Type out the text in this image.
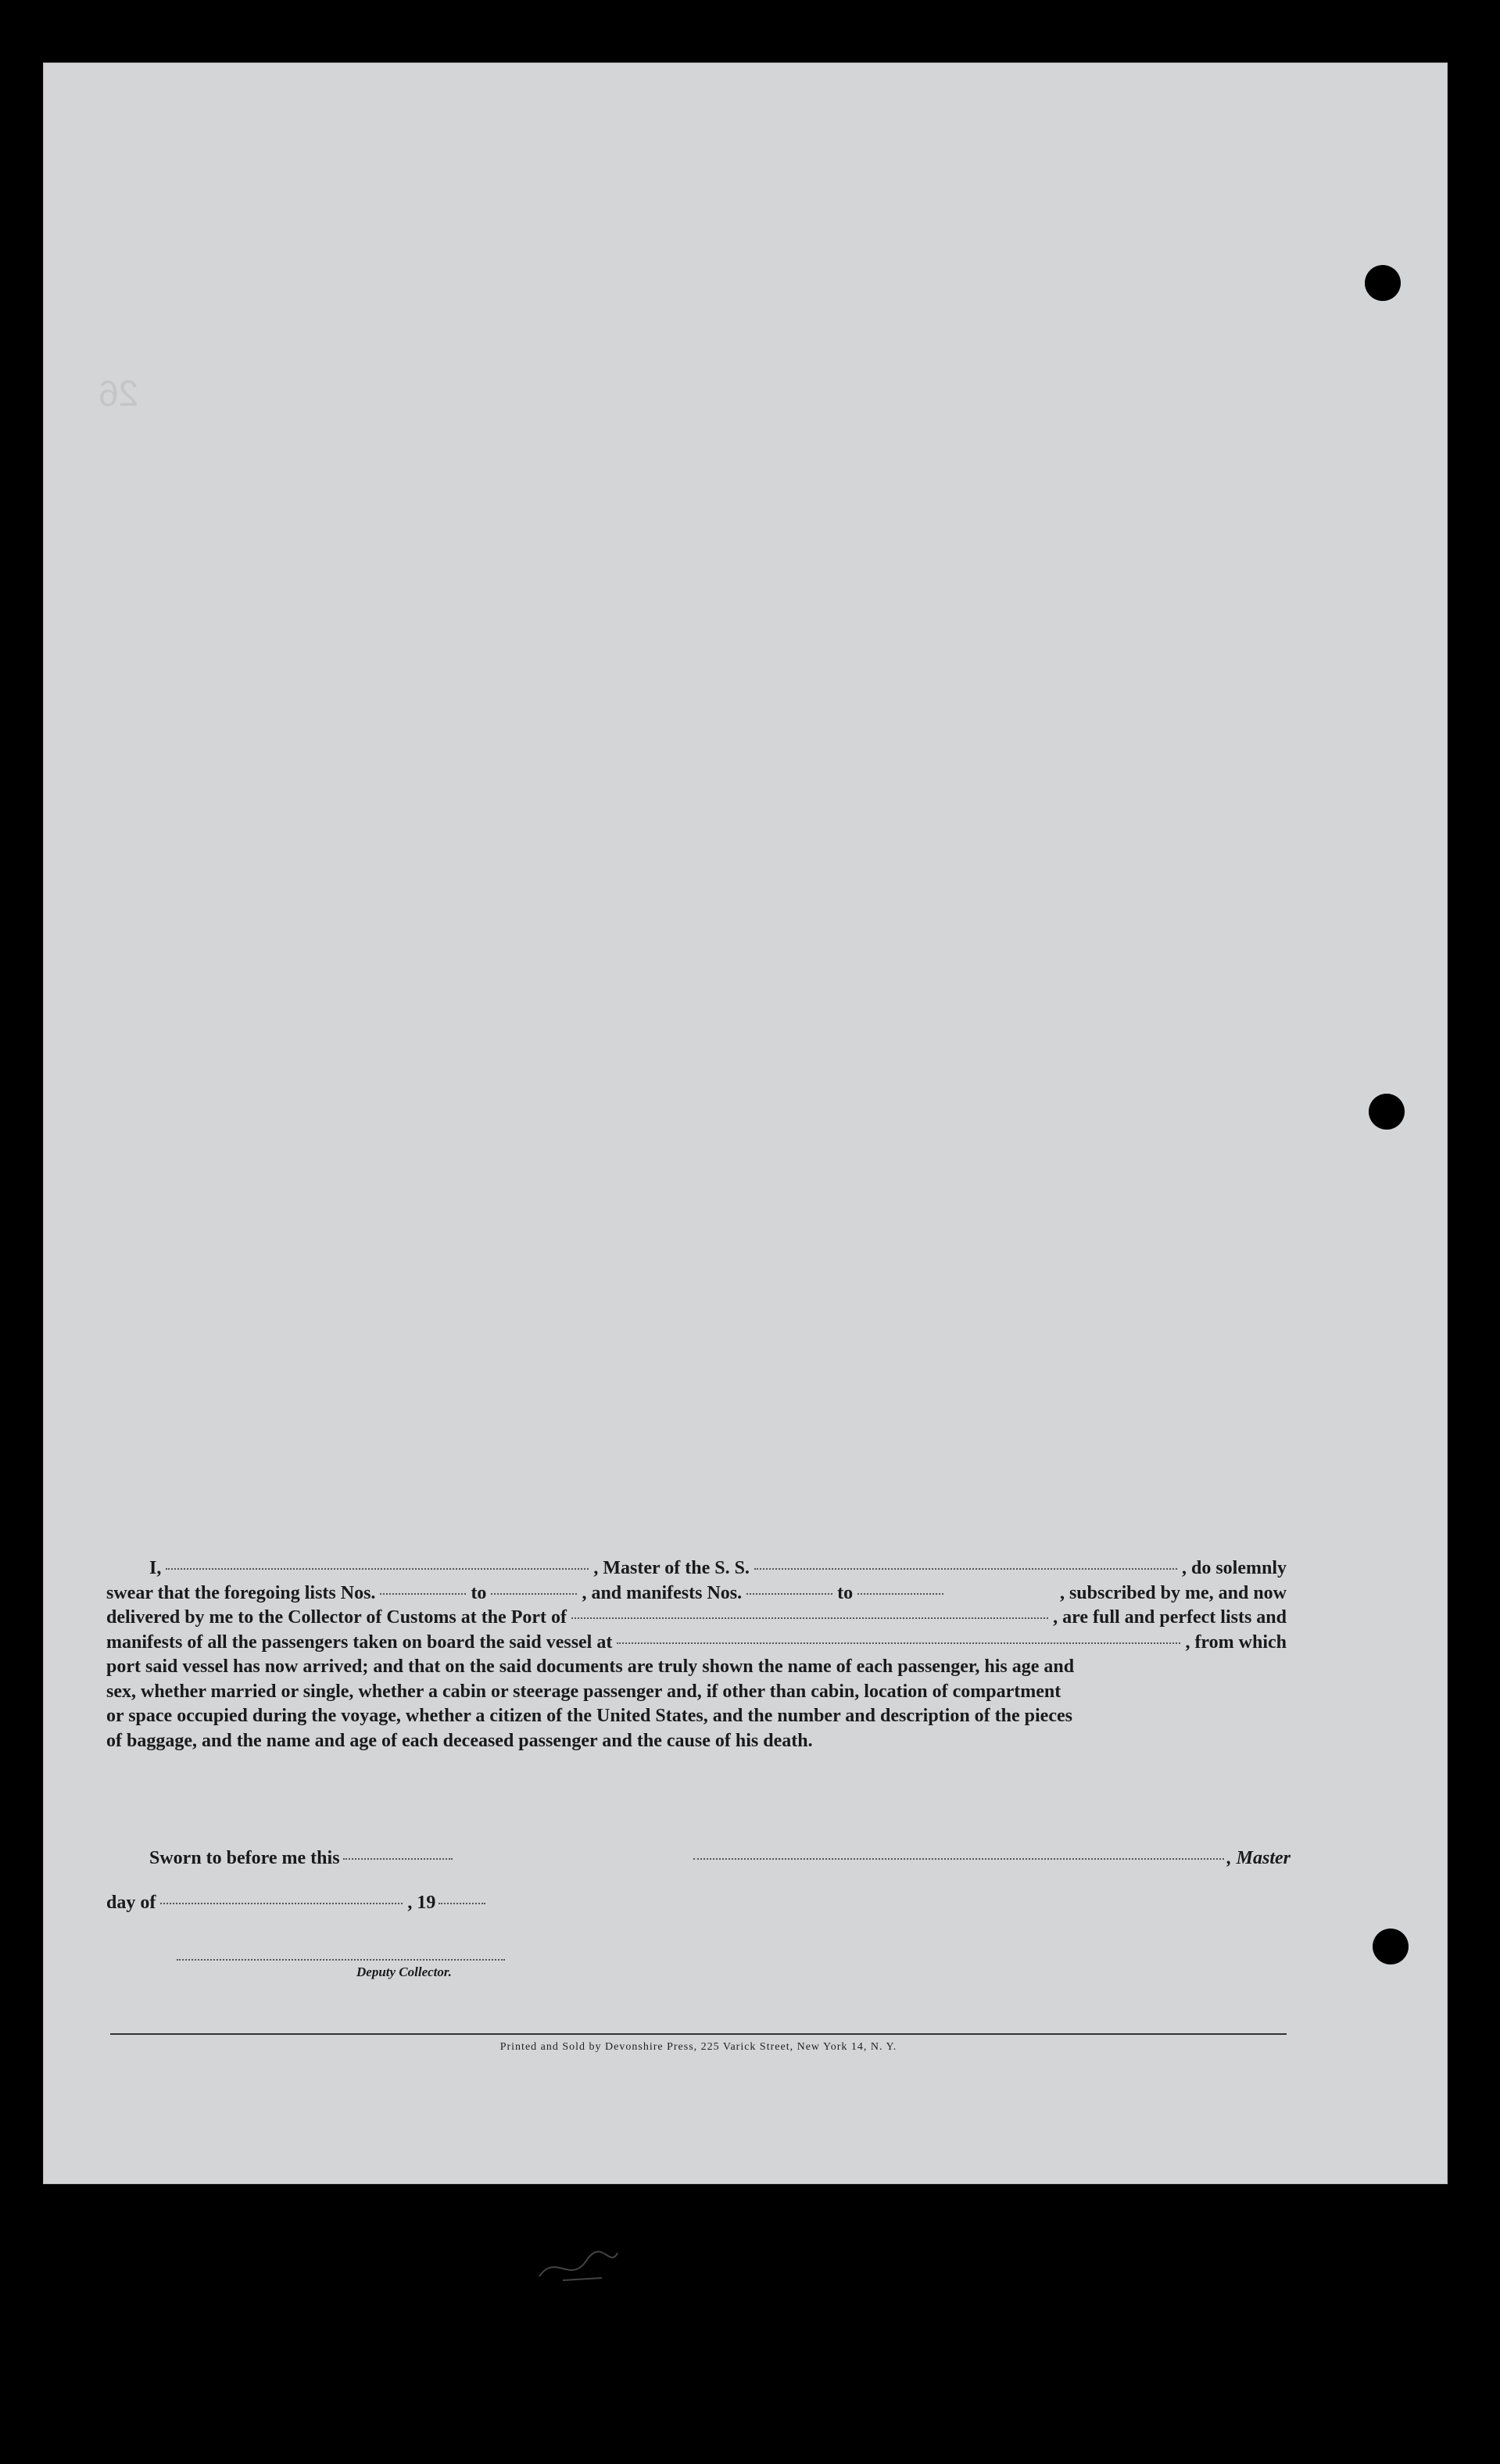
26
I,	, Master of the S. S.	, do solemnly
swear that the foregoing lists Nos.	to	, and manifests Nos.	to	, subscribed by me, and now
delivered by me to the Collector of Customs at the Port of	, are full and perfect lists and
manifests of all the passengers taken on board the said vessel at	, from which
port said vessel has now arrived; and that on the said documents are truly shown the name of each passenger, his age and
sex, whether married or single, whether a cabin or steerage passenger and, if other than cabin, location of compartment
or space occupied during the voyage, whether a citizen of the United States, and the number and description of the pieces
of baggage, and the name and age of each deceased passenger and the cause of his death.
Sworn to before me this	, Master
day of	, 19
Deputy Collector.
Printed and Sold by Devonshire Press, 225 Varick Street, New York 14, N. Y.
